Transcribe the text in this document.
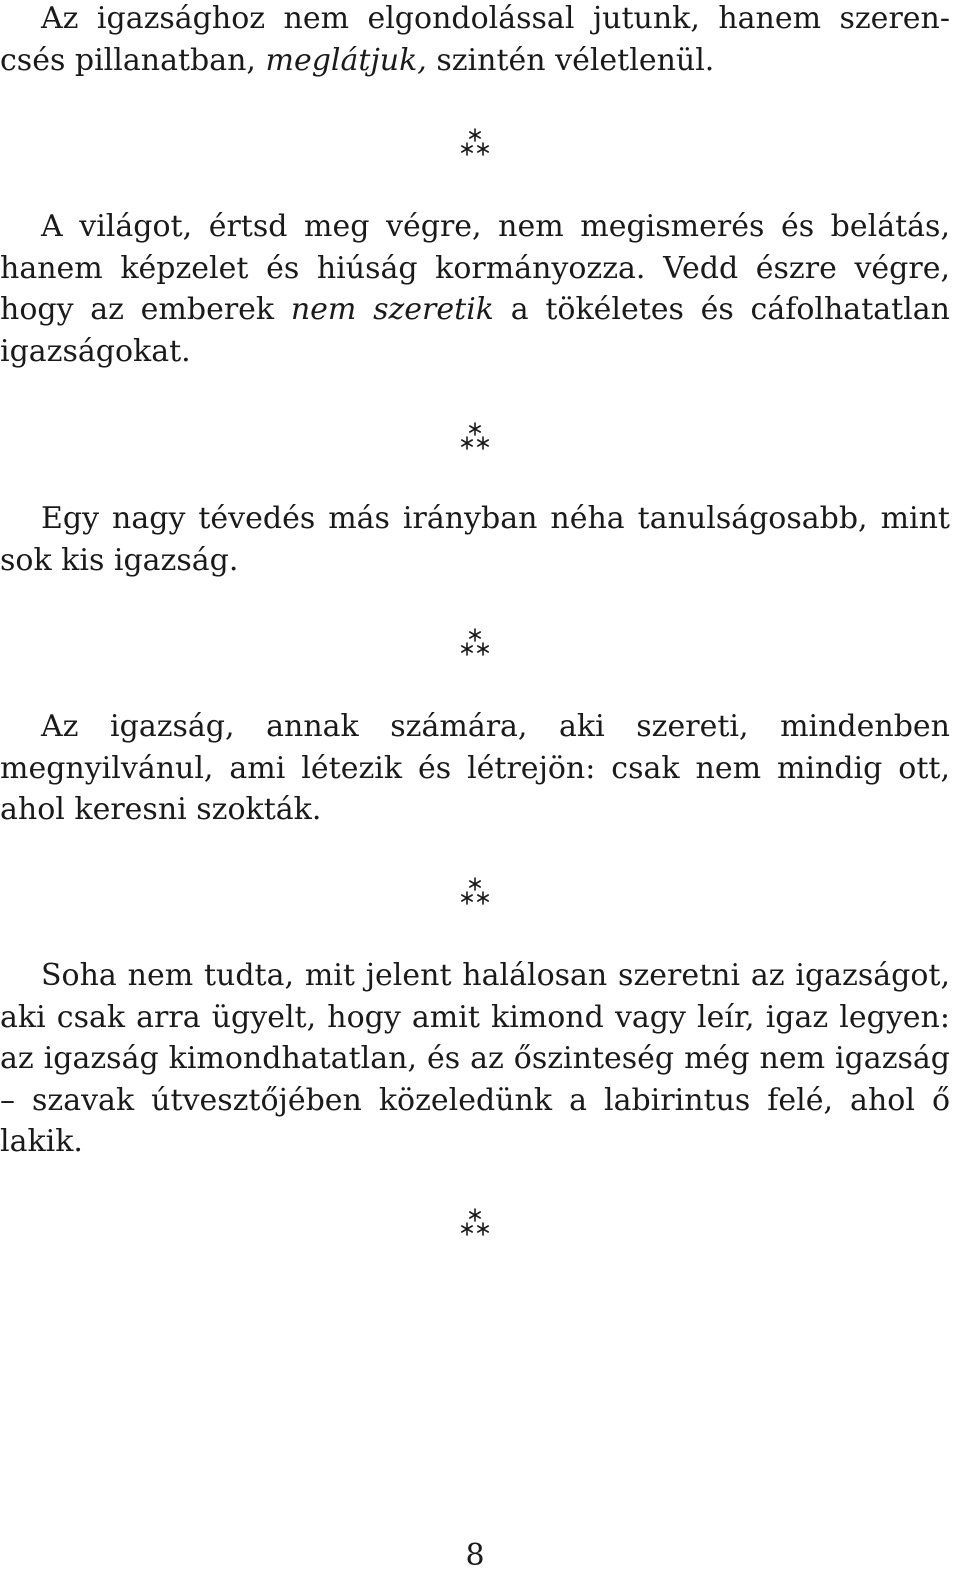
Az igazsághoz nem elgondolással jutunk, hanem szerencsés pillanatban, meglátjuk, szintén véletlenül.

A világot, értsd meg végre, nem megismerés és belátás, hanem képzelet és hiúság kormányozza. Vedd észre végre, hogy az emberek nem szeretik a tökéletes és cáfolhatatlan igazságokat.

Egy nagy tévedés más irányban néha tanulságosabb, mint sok kis igazság.

Az igazság, annak számára, aki szereti, mindenben megnyilvánul, ami létezik és létrejön: csak nem mindig ott, ahol keresni szokták.

Soha nem tudta, mit jelent halálosan szeretni az igazságot, aki csak arra ügyelt, hogy amit kimond vagy leír, igaz legyen: az igazság kimondhatatlan, és az őszinteség még nem igazság – szavak útvesztőjében közeledünk a labirintus felé, ahol ő lakik.

8
